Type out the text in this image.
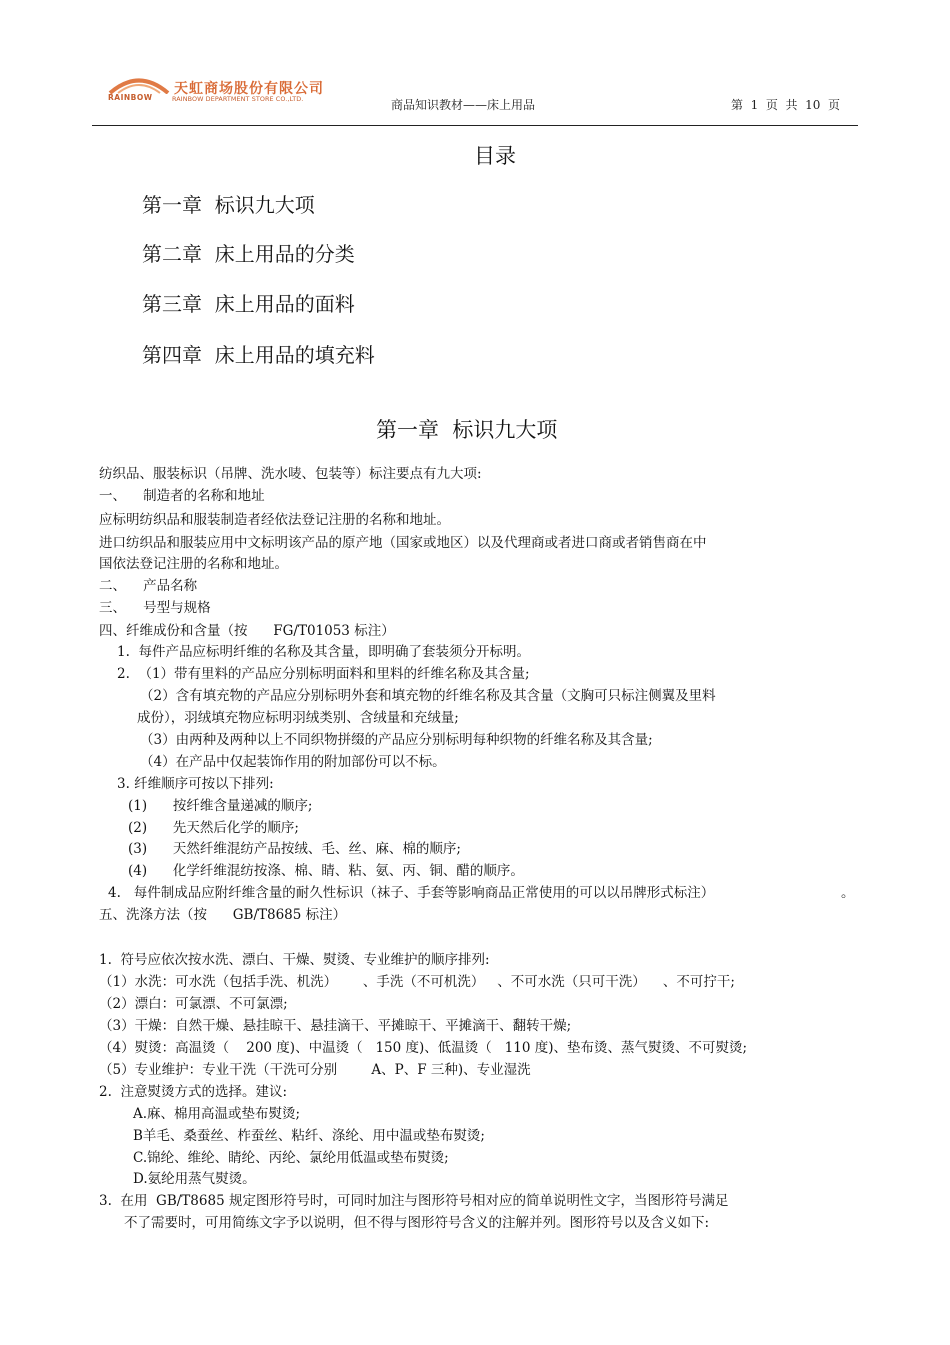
天虹商场股份有限公司
RAINBOW	RAINBOW DEPARTMENT STORE CO.,LTD.	商品知识教材——床上用品	第  1  页  共  10  页
目录
第一章  标识九大项
第二章  床上用品的分类
第三章  床上用品的面料
第四章  床上用品的填充料
第一章  标识九大项
纺织品、服装标识（吊牌、洗水唛、包装等）标注要点有九大项:
一、    制造者的名称和地址
应标明纺织品和服装制造者经依法登记注册的名称和地址。
进口纺织品和服装应用中文标明该产品的原产地（国家或地区）以及代理商或者进口商或者销售商在中
国依法登记注册的名称和地址。
二、    产品名称
三、    号型与规格
四、纤维成份和含量（按      FG/T01053 标注）
1.  每件产品应标明纤维的名称及其含量，即明确了套装须分开标明。
2.  （1）带有里料的产品应分别标明面料和里料的纤维名称及其含量;
（2）含有填充物的产品应分别标明外套和填充物的纤维名称及其含量（文胸可只标注侧翼及里料
成份），羽绒填充物应标明羽绒类别、含绒量和充绒量;
（3）由两种及两种以上不同织物拼缀的产品应分别标明每种织物的纤维名称及其含量;
（4）在产品中仅起装饰作用的附加部份可以不标。
3. 纤维顺序可按以下排列:
(1)      按纤维含量递减的顺序;
(2)      先天然后化学的顺序;
(3)      天然纤维混纺产品按绒、毛、丝、麻、棉的顺序;
(4)      化学纤维混纺按涤、棉、睛、粘、氨、丙、铜、醋的顺序。
4.   每件制成品应附纤维含量的耐久性标识（袜子、手套等影响商品正常使用的可以以吊牌形式标注）	。
五、洗涤方法（按      GB/T8685 标注）
1.  符号应依次按水洗、漂白、干燥、熨烫、专业维护的顺序排列:
（1）水洗：可水洗（包括手洗、机洗）      、手洗（不可机洗）   、不可水洗（只可干洗）    、不可拧干;
（2）漂白：可氯漂、不可氯漂;
（3）干燥：自然干燥、悬挂晾干、悬挂滴干、平摊晾干、平摊滴干、翻转干燥;
（4）熨烫：高温烫（    200 度)、中温烫（   150 度)、低温烫（   110 度)、垫布烫、蒸气熨烫、不可熨烫;
（5）专业维护：专业干洗（干洗可分别        A、P、F 三种)、专业湿洗
2.  注意熨烫方式的选择。建议:
A.麻、棉用高温或垫布熨烫;
B羊毛、桑蚕丝、柞蚕丝、粘纤、涤纶、用中温或垫布熨烫;
C.锦纶、维纶、睛纶、丙纶、氯纶用低温或垫布熨烫;
D.氨纶用蒸气熨烫。
3.  在用  GB/T8685 规定图形符号时，可同时加注与图形符号相对应的简单说明性文字，当图形符号满足
不了需要时，可用简练文字予以说明，但不得与图形符号含义的注解并列。图形符号以及含义如下:
